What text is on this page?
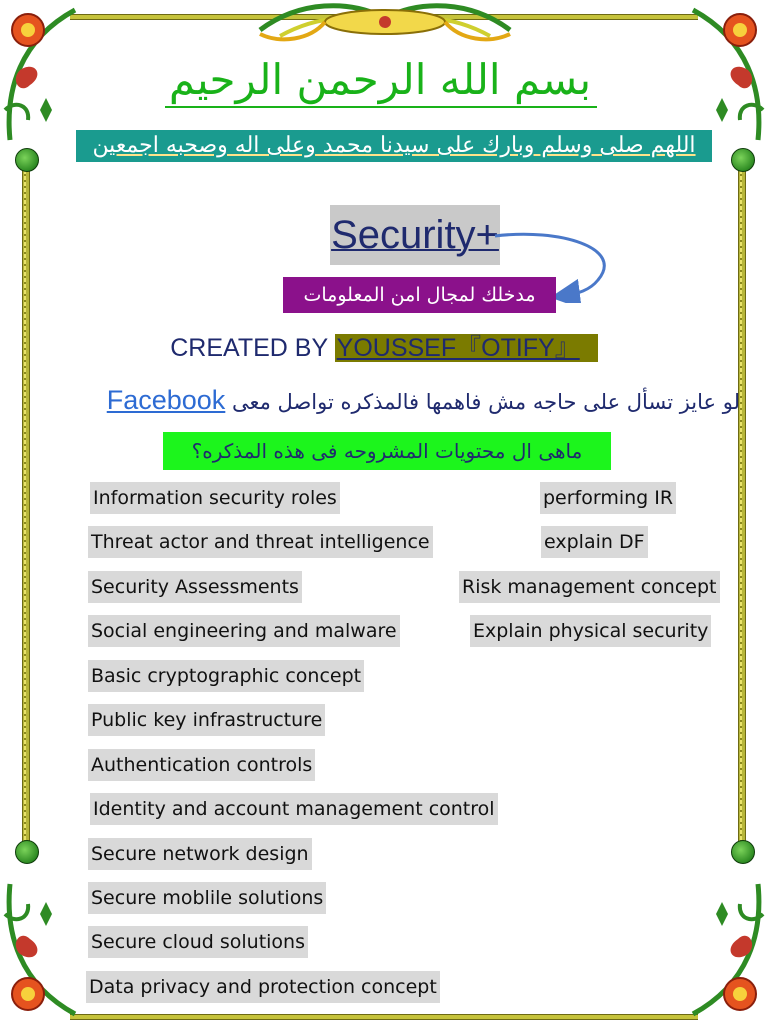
بسم الله الرحمن الرحيم
اللهم صلى وسلم وبارك على سيدنا محمد وعلى اله وصحبه اجمعين
Security+
مدخلك لمجال امن المعلومات
CREATED BY YOUSSEF『OTIFY』
لو عايز تسأل على حاجه مش فاهمها فالمذكره تواصل معى Facebook
ماهى ال محتويات المشروحه فى هذه المذكره؟
Information security roles
Threat actor and threat intelligence
Security Assessments
Social engineering and malware
Basic cryptographic concept
Public key infrastructure
Authentication controls
Identity and account management control
Secure network design
Secure moblile solutions
Secure cloud solutions
Data privacy and protection concept
performing IR
explain DF
Risk management concept
Explain physical security
